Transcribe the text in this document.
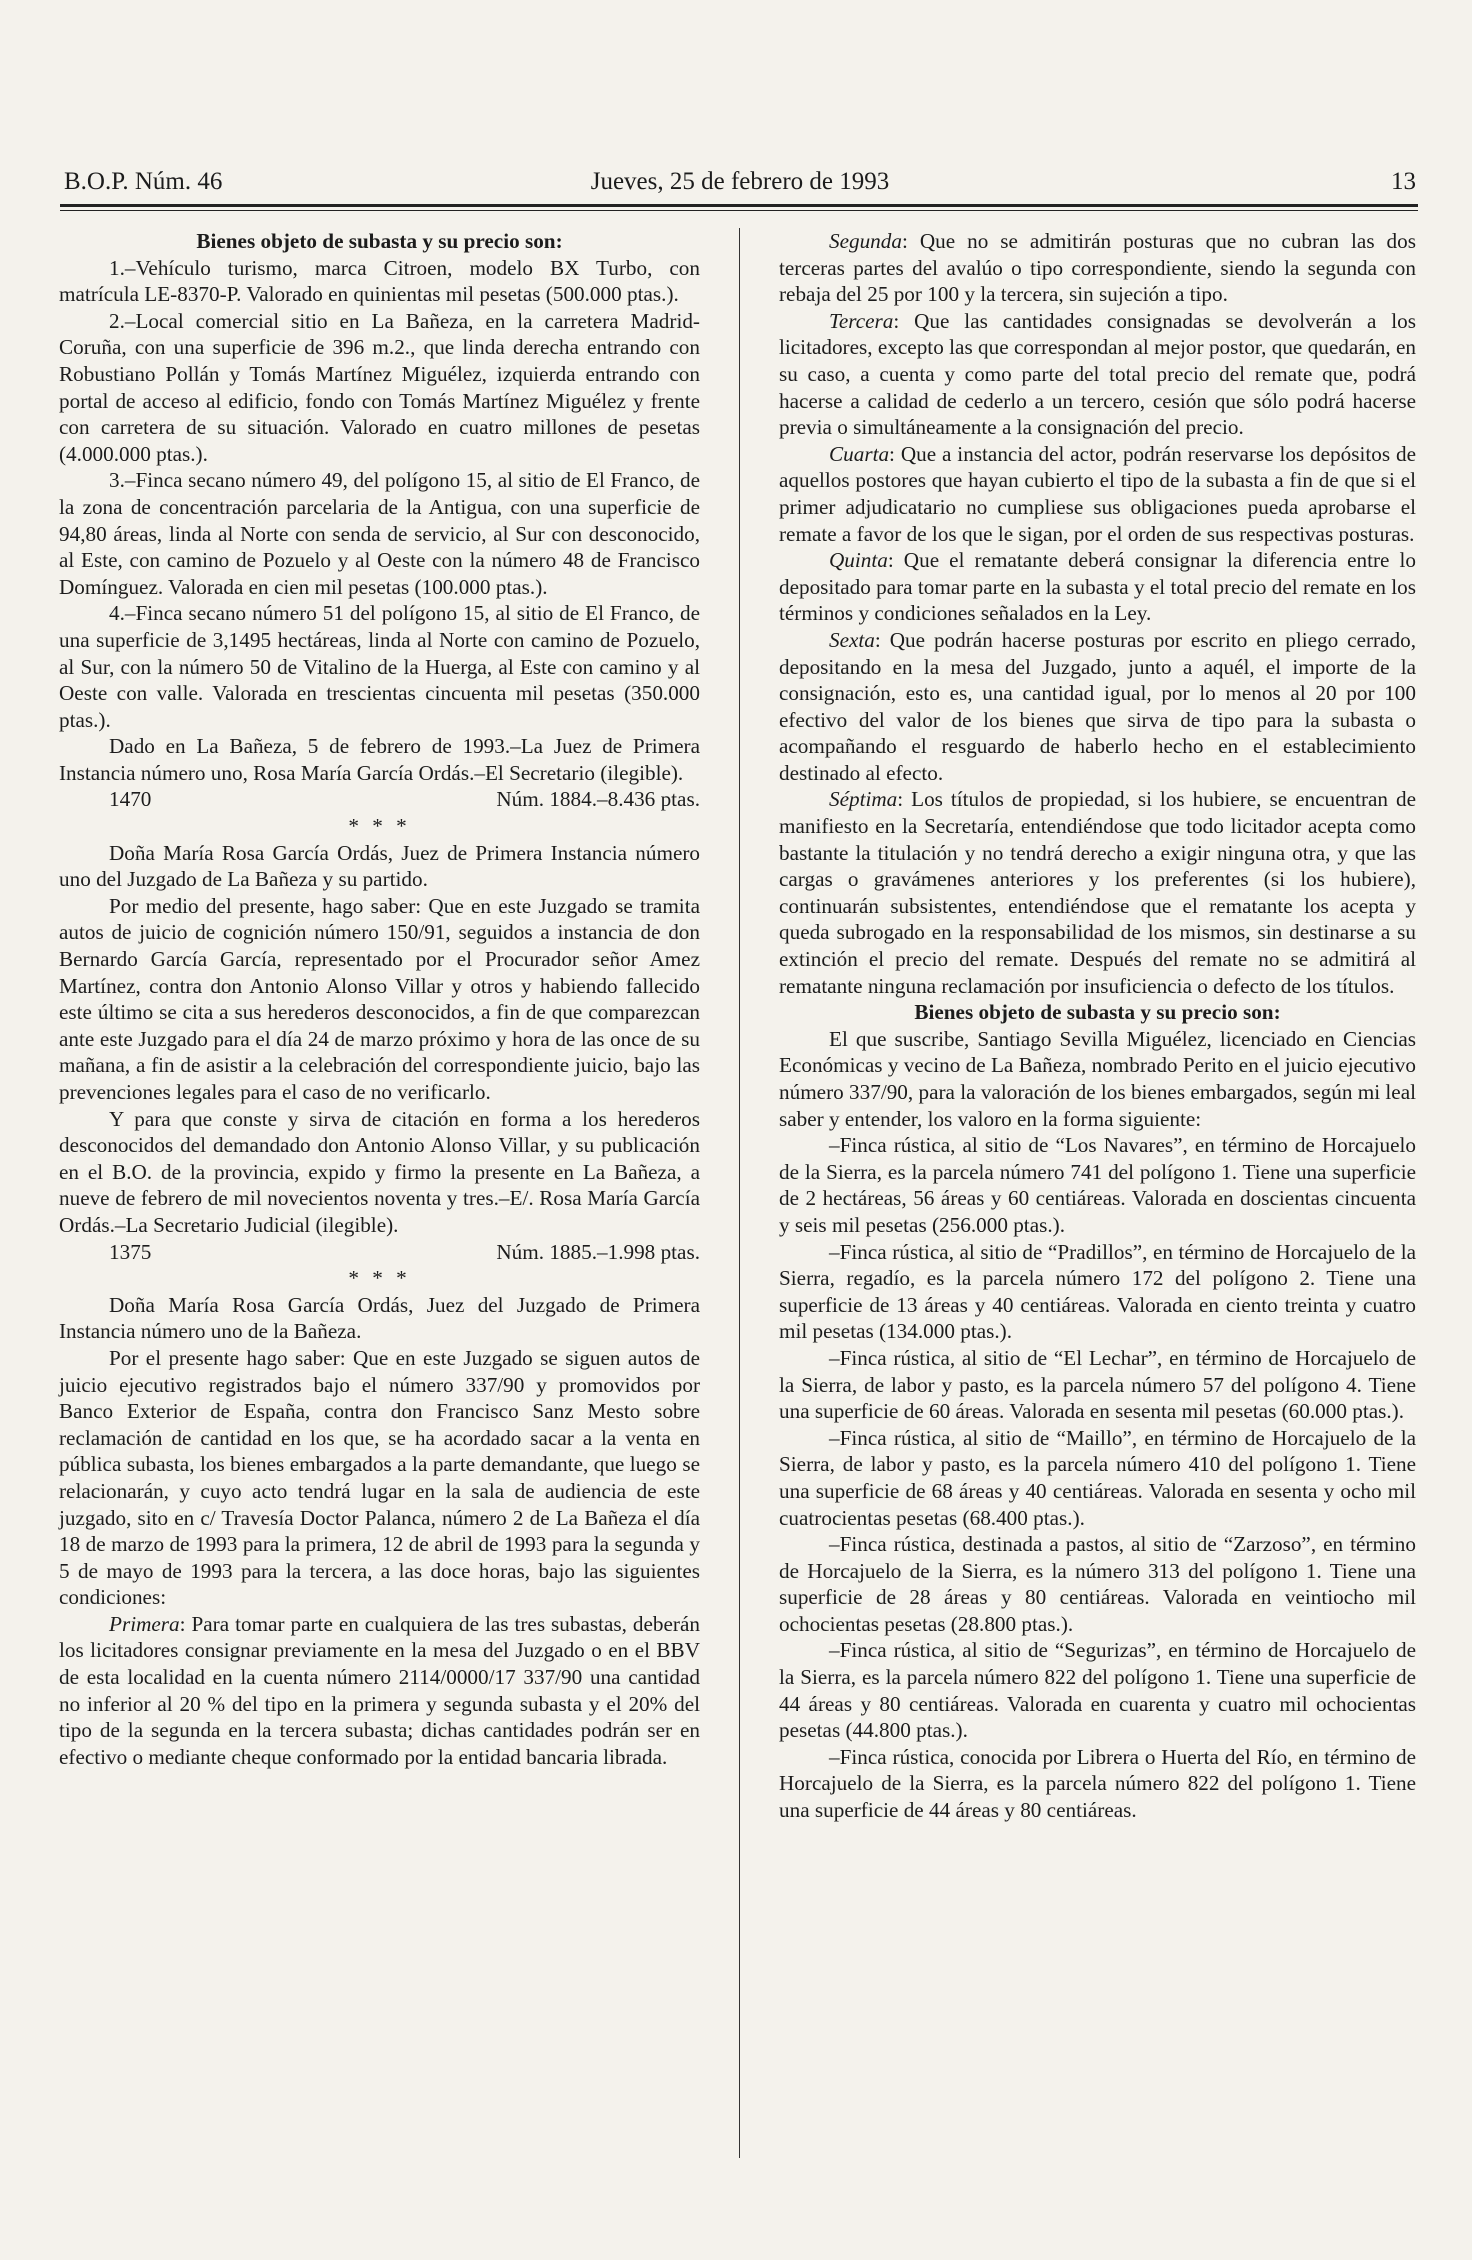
B.O.P. Núm. 46	Jueves, 25 de febrero de 1993	13

Bienes objeto de subasta y su precio son:

1.–Vehículo turismo, marca Citroen, modelo BX Turbo, con matrícula LE-8370-P. Valorado en quinientas mil pesetas (500.000 ptas.).

2.–Local comercial sitio en La Bañeza, en la carretera Madrid-Coruña, con una superficie de 396 m.2., que linda derecha entrando con Robustiano Pollán y Tomás Martínez Miguélez, izquierda entrando con portal de acceso al edificio, fondo con Tomás Martínez Miguélez y frente con carretera de su situación. Valorado en cuatro millones de pesetas (4.000.000 ptas.).

3.–Finca secano número 49, del polígono 15, al sitio de El Franco, de la zona de concentración parcelaria de la Antigua, con una superficie de 94,80 áreas, linda al Norte con senda de servicio, al Sur con desconocido, al Este, con camino de Pozuelo y al Oeste con la número 48 de Francisco Domínguez. Valorada en cien mil pesetas (100.000 ptas.).

4.–Finca secano número 51 del polígono 15, al sitio de El Franco, de una superficie de 3,1495 hectáreas, linda al Norte con camino de Pozuelo, al Sur, con la número 50 de Vitalino de la Huerga, al Este con camino y al Oeste con valle. Valorada en trescientas cincuenta mil pesetas (350.000 ptas.).

Dado en La Bañeza, 5 de febrero de 1993.–La Juez de Primera Instancia número uno, Rosa María García Ordás.–El Secretario (ilegible).

1470	Núm. 1884.–8.436 ptas.
* * *

Doña María Rosa García Ordás, Juez de Primera Instancia número uno del Juzgado de La Bañeza y su partido.

Por medio del presente, hago saber: Que en este Juzgado se tramita autos de juicio de cognición número 150/91, seguidos a instancia de don Bernardo García García, representado por el Procurador señor Amez Martínez, contra don Antonio Alonso Villar y otros y habiendo fallecido este último se cita a sus herederos desconocidos, a fin de que comparezcan ante este Juzgado para el día 24 de marzo próximo y hora de las once de su mañana, a fin de asistir a la celebración del correspondiente juicio, bajo las prevenciones legales para el caso de no verificarlo.

Y para que conste y sirva de citación en forma a los herederos desconocidos del demandado don Antonio Alonso Villar, y su publicación en el B.O. de la provincia, expido y firmo la presente en La Bañeza, a nueve de febrero de mil novecientos noventa y tres.–E/. Rosa María García Ordás.–La Secretario Judicial (ilegible).

1375	Núm. 1885.–1.998 ptas.
* * *

Doña María Rosa García Ordás, Juez del Juzgado de Primera Instancia número uno de la Bañeza.

Por el presente hago saber: Que en este Juzgado se siguen autos de juicio ejecutivo registrados bajo el número 337/90 y promovidos por Banco Exterior de España, contra don Francisco Sanz Mesto sobre reclamación de cantidad en los que, se ha acordado sacar a la venta en pública subasta, los bienes embargados a la parte demandante, que luego se relacionarán, y cuyo acto tendrá lugar en la sala de audiencia de este juzgado, sito en c/ Travesía Doctor Palanca, número 2 de La Bañeza el día 18 de marzo de 1993 para la primera, 12 de abril de 1993 para la segunda y 5 de mayo de 1993 para la tercera, a las doce horas, bajo las siguientes condiciones:

Primera: Para tomar parte en cualquiera de las tres subastas, deberán los licitadores consignar previamente en la mesa del Juzgado o en el BBV de esta localidad en la cuenta número 2114/0000/17 337/90 una cantidad no inferior al 20 % del tipo en la primera y segunda subasta y el 20% del tipo de la segunda en la tercera subasta; dichas cantidades podrán ser en efectivo o mediante cheque conformado por la entidad bancaria librada.

Segunda: Que no se admitirán posturas que no cubran las dos terceras partes del avalúo o tipo correspondiente, siendo la segunda con rebaja del 25 por 100 y la tercera, sin sujeción a tipo.

Tercera: Que las cantidades consignadas se devolverán a los licitadores, excepto las que correspondan al mejor postor, que quedarán, en su caso, a cuenta y como parte del total precio del remate que, podrá hacerse a calidad de cederlo a un tercero, cesión que sólo podrá hacerse previa o simultáneamente a la consignación del precio.

Cuarta: Que a instancia del actor, podrán reservarse los depósitos de aquellos postores que hayan cubierto el tipo de la subasta a fin de que si el primer adjudicatario no cumpliese sus obligaciones pueda aprobarse el remate a favor de los que le sigan, por el orden de sus respectivas posturas.

Quinta: Que el rematante deberá consignar la diferencia entre lo depositado para tomar parte en la subasta y el total precio del remate en los términos y condiciones señalados en la Ley.

Sexta: Que podrán hacerse posturas por escrito en pliego cerrado, depositando en la mesa del Juzgado, junto a aquél, el importe de la consignación, esto es, una cantidad igual, por lo menos al 20 por 100 efectivo del valor de los bienes que sirva de tipo para la subasta o acompañando el resguardo de haberlo hecho en el establecimiento destinado al efecto.

Séptima: Los títulos de propiedad, si los hubiere, se encuentran de manifiesto en la Secretaría, entendiéndose que todo licitador acepta como bastante la titulación y no tendrá derecho a exigir ninguna otra, y que las cargas o gravámenes anteriores y los preferentes (si los hubiere), continuarán subsistentes, entendiéndose que el rematante los acepta y queda subrogado en la responsabilidad de los mismos, sin destinarse a su extinción el precio del remate. Después del remate no se admitirá al rematante ninguna reclamación por insuficiencia o defecto de los títulos.

Bienes objeto de subasta y su precio son:

El que suscribe, Santiago Sevilla Miguélez, licenciado en Ciencias Económicas y vecino de La Bañeza, nombrado Perito en el juicio ejecutivo número 337/90, para la valoración de los bienes embargados, según mi leal saber y entender, los valoro en la forma siguiente:

–Finca rústica, al sitio de “Los Navares”, en término de Horcajuelo de la Sierra, es la parcela número 741 del polígono 1. Tiene una superficie de 2 hectáreas, 56 áreas y 60 centiáreas. Valorada en doscientas cincuenta y seis mil pesetas (256.000 ptas.).

–Finca rústica, al sitio de “Pradillos”, en término de Horcajuelo de la Sierra, regadío, es la parcela número 172 del polígono 2. Tiene una superficie de 13 áreas y 40 centiáreas. Valorada en ciento treinta y cuatro mil pesetas (134.000 ptas.).

–Finca rústica, al sitio de “El Lechar”, en término de Horcajuelo de la Sierra, de labor y pasto, es la parcela número 57 del polígono 4. Tiene una superficie de 60 áreas. Valorada en sesenta mil pesetas (60.000 ptas.).

–Finca rústica, al sitio de “Maillo”, en término de Horcajuelo de la Sierra, de labor y pasto, es la parcela número 410 del polígono 1. Tiene una superficie de 68 áreas y 40 centiáreas. Valorada en sesenta y ocho mil cuatrocientas pesetas (68.400 ptas.).

–Finca rústica, destinada a pastos, al sitio de “Zarzoso”, en término de Horcajuelo de la Sierra, es la número 313 del polígono 1. Tiene una superficie de 28 áreas y 80 centiáreas. Valorada en veintiocho mil ochocientas pesetas (28.800 ptas.).

–Finca rústica, al sitio de “Segurizas”, en término de Horcajuelo de la Sierra, es la parcela número 822 del polígono 1. Tiene una superficie de 44 áreas y 80 centiáreas. Valorada en cuarenta y cuatro mil ochocientas pesetas (44.800 ptas.).

–Finca rústica, conocida por Librera o Huerta del Río, en término de Horcajuelo de la Sierra, es la parcela número 822 del polígono 1. Tiene una superficie de 44 áreas y 80 centiáreas.
